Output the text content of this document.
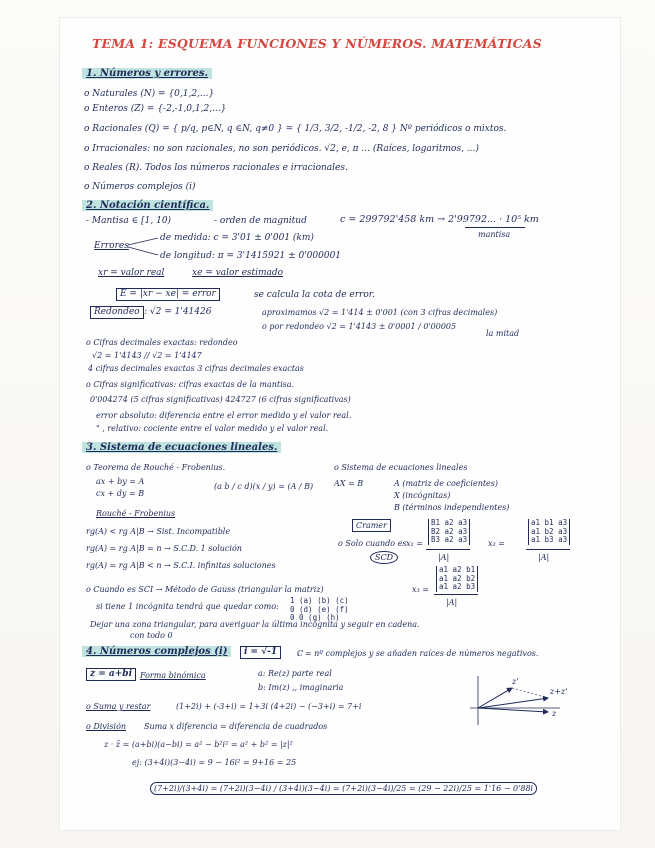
TEMA 1: ESQUEMA FUNCIONES Y NÚMEROS. MATEMÁTICAS
1. Números y errores.
o Naturales (N) = {0,1,2,...}
o Enteros (Z) = {-2,-1,0,1,2,...}
o Racionales (Q) = { p/q, p∈N, q ∈N, q≠0 } = { 1/3, 3/2, -1/2, -2, 8 } Nº periódicos o mixtos.
o Irracionales: no son racionales, no son periódicos. √2, e, π ... (Raíces, logaritmos, ...)
o Reales (R). Todos los números racionales e irracionales.
o Números complejos (i)
2. Notación científica.
- Mantisa ∈ [1, 10)	- orden de magnitud	c = 299792'458 km → 2'99792... · 10⁵ km
mantisa
Errores
de medida: c = 3'01 ± 0'001 (km)
de longitud: π = 3'1415921 ± 0'000001
xr = valor real	xe = valor estimado
E = |xr − xe| = error	se calcula la cota de error.
Redondeo : √2 = 1'41426	aproximamos √2 = 1'414 ± 0'001 (con 3 cifras decimales)
o por redondeo √2 = 1'4143 ± 0'0001 / 0'00005
la mitad
o Cifras decimales exactas: redondeo
√2 = 1'4143 // √2 = 1'4147
4 cifras decimales exactas 3 cifras decimales exactas
o Cifras significativas: cifras exactas de la mantisa.
0'004274 (5 cifras significativas) 424727 (6 cifras significativas)
error absoluto: diferencia entre el error medido y el valor real.
" , relativo: cociente entre el valor medido y el valor real.
3. Sistema de ecuaciones lineales.
o Teorema de Rouché - Frobenius.
ax + by = A
cx + dy = B
(a b / c d)(x / y) = (A / B)
o Sistema de ecuaciones lineales
AX = B	A (matriz de coeficientes)
X (incógnitas)
B (términos independientes)
Rouché - Frobenius
rg(A) < rg A|B → Sist. Incompatible
rg(A) = rg A|B = n → S.C.D. 1 solución
rg(A) = rg A|B < n → S.C.I. infinitas soluciones
Cramer
o Solo cuando es
SCD
x₁ =
B1 a2 a3
B2 a2 a3
B3 a2 a3
|A|
x₂ =
a1 b1 a3
a1 b2 a3
a1 b3 a3
|A|
x₃ =
a1 a2 b1
a1 a2 b2
a1 a2 b3
|A|
o Cuando es SCI → Método de Gauss (triangular la matriz)
si tiene 1 incógnita tendrá que quedar como:
1 (a) (b) (c)
0 (d) (e) (f)
0 0 (g) (h)
Dejar una zona triangular, para averiguar la última incógnita y seguir en cadena.
con todo 0
4. Números complejos (i)	i = √-1	ℂ = nº complejos y se añaden raíces de números negativos.
z = a+bi Forma binómica	a: Re(z) parte real
b: Im(z) ,, imaginaria
z'
z+z'
z
o Suma y restar	(1+2i) + (-3+i) = 1+3i (4+2i) − (−3+i) = 7+i
o División Suma x diferencia = diferencia de cuadrados
z · z̄ = (a+bi)(a−bi) = a² − b²i² = a² + b² = |z|²
ej: (3+4i)(3−4i) = 9 − 16i² = 9+16 = 25
(7+2i)/(3+4i) = (7+2i)(3−4i) / (3+4i)(3−4i) = (7+2i)(3−4i)/25 = (29 − 22i)/25 = 1'16 − 0'88i
